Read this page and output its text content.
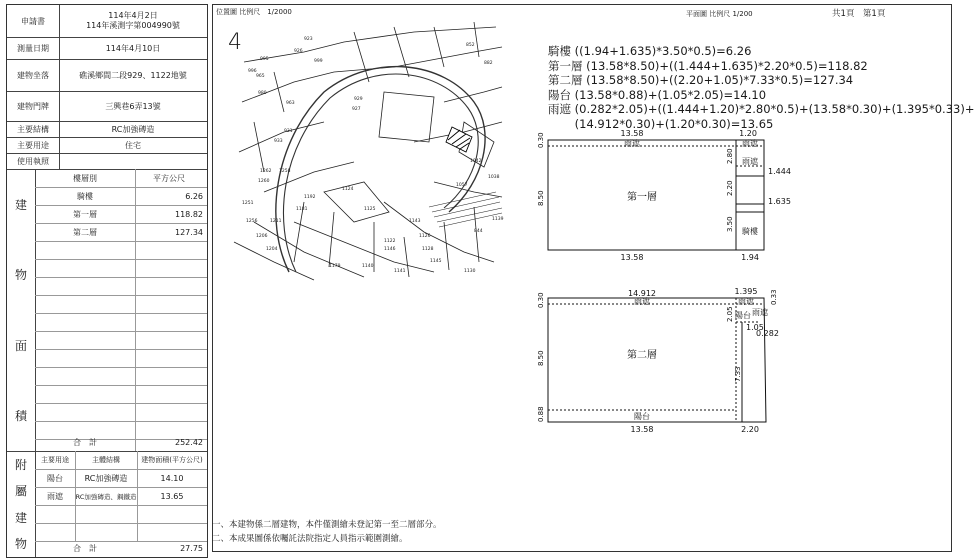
位置圖 比例尺　1/2000	平面圖 比例尺 1/200	共1頁　第1頁
申請書
114年4月2日
114年溪測字第004990號
測量日期	114年4月10日
建物坐落	礁溪鄉間二段929、1122地號
建物門牌	三興巷6弄13號
主要結構	RC加強磚造
主要用途	住宅
使用執照
建
物
面
積
樓層別	平方公尺
騎樓	6.26
第一層	118.82
第二層	127.34
合　計	252.42
附
屬
建
物
主要用途	主體結構	建物面積(平方公尺)
陽台	RC加強磚造	14.10
雨遮	RC加強磚造、鋼鐵造	13.65
合　計	27.75
4
929
1122
1124
1125
1126
1128
1130
1139
1140
1141
1143
1145
1146
1179
1181
1192
1204
1206
1211
1251
1256
1258
1260
1262
923
926
927
933
963
965
980
995
996
999
931
852
882
1042
1038
844
1057
騎樓 ((1.94+1.635)*3.50*0.5)=6.26
第一層 (13.58*8.50)+((1.444+1.635)*2.20*0.5)=118.82
第二層 (13.58*8.50)+((2.20+1.05)*7.33*0.5)=127.34
陽台 (13.58*0.88)+(1.05*2.05)=14.10
雨遮 (0.282*2.05)+((1.444+1.20)*2.80*0.5)+(13.58*0.30)+(1.395*0.33)+
　　 (14.912*0.30)+(1.20*0.30)=13.65
13.58	1.20
13.58	1.94
1.444
1.635
雨遮	雨遮
雨遮
騎樓
0.30
8.50
2.80
2.20
3.50
第一層
14.912	1.395
13.58	2.20
1.05
0.282
雨遮	雨遮
雨遮
陽台
陽台
0.30
8.50
0.88
0.33
2.05
7.33
第二層
一、本建物係二層建物，本件僅測繪未登記第一至二層部分。
二、本成果圖係依囑託法院指定人員指示範圍測繪。
